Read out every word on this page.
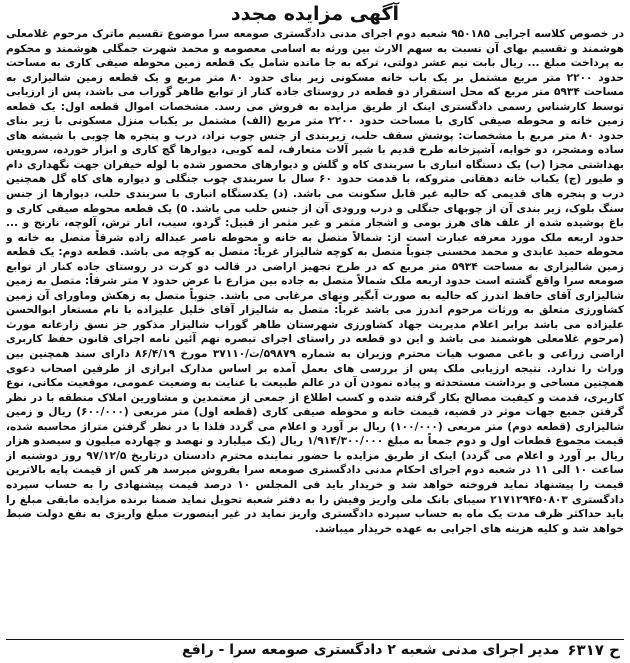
آگهی مزایده مجدد

در خصوص کلاسه اجرایی ۹۵۰۱۸۵ شعبه دوم اجرای مدنی دادگستری صومعه سرا موضوع تقسیم ماترک مرحوم غلامعلی هوشمند و تقسیم بهای آن نسبت به سهم الارث بین ورثه به اسامی معصومه و محمد شهرت جمگلی هوشمند و محکوم به پرداخت مبلغ ... ریال بابت نیم عشر دولتی، ترکه به جا مانده شامل یک قطعه زمین محوطه صیفی کاری به مساحت حدود ۲۲۰۰ متر مربع مشتمل بر یک باب خانه مسکونی زیر بنای حدود ۸۰ متر مربع و یک قطعه زمین شالیزاری به مساحت ۵۹۳۴ متر مربع که محل استقرار دو قطعه در روستای جاده کنار از توابع طاهر گوراب می باشد، پس از ارزیابی توسط کارشناس رسمی دادگستری اینک از طریق مزایده به فروش می رسد. مشخصات اموال قطعه اول: یک قطعه زمین خانه و محوطه صیفی کاری با مساحت حدود ۲۲۰۰ متر مربع (الف) مشتمل بر یکباب منزل مسکونی با زیر بنای حدود ۸۰ متر مربع با مشخصات: پوشش سقف حلب، زیربندی از جنس چوب نراد، درب و پنجره ها چوبی با شیشه های ساده ومشجر، دو خوابه، آشپزخانه طرح قدیم با شیر آلات متعارف، لمه کوبی، دیوارها گچ کاری و ابزار خورده، سرویس بهداشتی مجزا (ب) یک دستگاه انباری با سربندی کاه و گلش و دیوارهای محصور شده با لوله خیفران جهت نگهداری دام و طیور (ج) یکباب خانه دهقانی متروکه، با قدمت حدود ۶۰ سال با سربندی چوب جنگلی و دیواره های کاه گل همچنین درب و پنجره های قدیمی که حالیه غیر قابل سکونت می باشد. (د) یکدستگاه انباری با سربندی حلب، دیوارها از جنس سنگ بلوک، زیر بندی آن از چوبهای جنگلی و درب ورودی آن از جنس حلب می باشد. ۵) یک قطعه محوطه صیفی کاری و باغ پوشیده شده از علف های هرز بومی و اشجار مثمر و غیر مثمر از قبیل: گردو، سیب، انار ترش، آلوچه، نارنج و ... حدود اربعه ملک مورد معرفه عبارت است از: شمالاً متصل به خانه و محوطه ناصر عبداله زاده شرقاً متصل به خانه و محوطه حمید عابدی و محمد محسنی جنوباً متصل به کوچه شالیزار غرباً: متصل به کوچه می باشد. قطعه دوم: یک قطعه زمین شالیزاری به مساحت ۵۹۳۴ متر مربع که در طرح تجهیز اراضی در قالب دو کرت در روستای جاده کنار از توابع صومعه سرا واقع گشته است حدود اربعه ملک شمالاً متصل به جاده بین مزارع با عرض حدود ۷ متر شرقاً: متصل به زمین شالیزاری آقای حافظ اندرز که حالیه به صورت آبگیر ونهای مرغابی می باشد. جنوباً متصل به زهکش وماورای آن زمین کشاورزی متعلق به ورثات مرحوم اندرز می باشد غرباً: متصل به شالیزار آقای خلیل علیزاده با نام مستعار ابوالحسن علیزاده می باشد برابر اعلام مدیریت جهاد کشاورزی شهرستان طاهر گوراب شالیزار مذکور جز نسق زارعانه مورث (مرحوم غلامعلی هوشمند می باشد و این دو قطعه در راستای اجرای تبصره نهم آئین نامه اجرای قانون حفظ کاربری اراضی زراعی و باغی مصوب هیات محترم وزیران به شماره ۵۹۸۷۹/ت/۳۷۱۱۰ مورخ ۸۶/۴/۱۹ دارای سند همچنین بین وراث را ندارد. نتیجه ارزیابی ملک پس از بررسی های بعمل آمده بر اساس مدارک ابرازی از طرفین اصحاب دعوی همچنین مساحی و برداشت مستحدثه و پیاده نمودن آن در عالم طبیعت با عنایت به وضعیت عمومی، موقعیت مکانی، نوع کاربری، قدمت و کیفیت مصالح بکار گرفته شده و کسب اطلاع از جمعی از معتمدین و مشاورین املاک منطقه با در نظر گرفتن جمیع جهات موثر در قضیه، قیمت خانه و محوطه صیفی کاری (قطعه اول) متر مربعی (۶۰۰/۰۰۰) ریال و زمین شالیزاری (قطعه دوم) متر مربعی (۱۰۰/۰۰۰) ریال بر آورد و اعلام می گردد فلذا با در نظر گرفتن متراژ محاسبه شده، قیمت مجموع قطعات اول و دوم جمعاً به مبلغ ۱/۹۱۴/۳۰۰/۰۰۰ ریال (یک میلیارد و نهصد و چهارده میلیون و سیصدو هزار ریال بر آورد و اعلام می گردد) اینک از طریق مزایده با حضور نماینده محترم دادستان درتاریخ ۹۷/۱۲/۵ روز دوشنبه از ساعت ۱۰ الی ۱۱ در شعبه دوم اجرای احکام مدنی دادگستری صومعه سرا بفروش میرسد هر کس از قیمت پایه بالاترین قیمت را پیشنهاد نماید فروخته خواهد شد و خریدار باید فی المجلس ۱۰ درصد قیمت پیشنهادی را به حساب سپرده دادگستری ۲۱۷۱۲۹۴۵۰۸۰۳ سیبای بانک ملی واریز وفیش را به دفتر شعبه تحویل نماید ضمنا برنده مزایده مابقی مبلغ را باید حداکثر ظرف مدت یک ماه به حساب سپرده دادگستری واریز نماید در غیر اینصورت مبلغ واریزی به نفع دولت ضبط خواهد شد و کلیه هزینه های اجرایی به عهده خریدار میباشد.

ح ۶۳۱۷
مدیر اجرای مدنی شعبه ۲ دادگستری صومعه سرا - رافع
